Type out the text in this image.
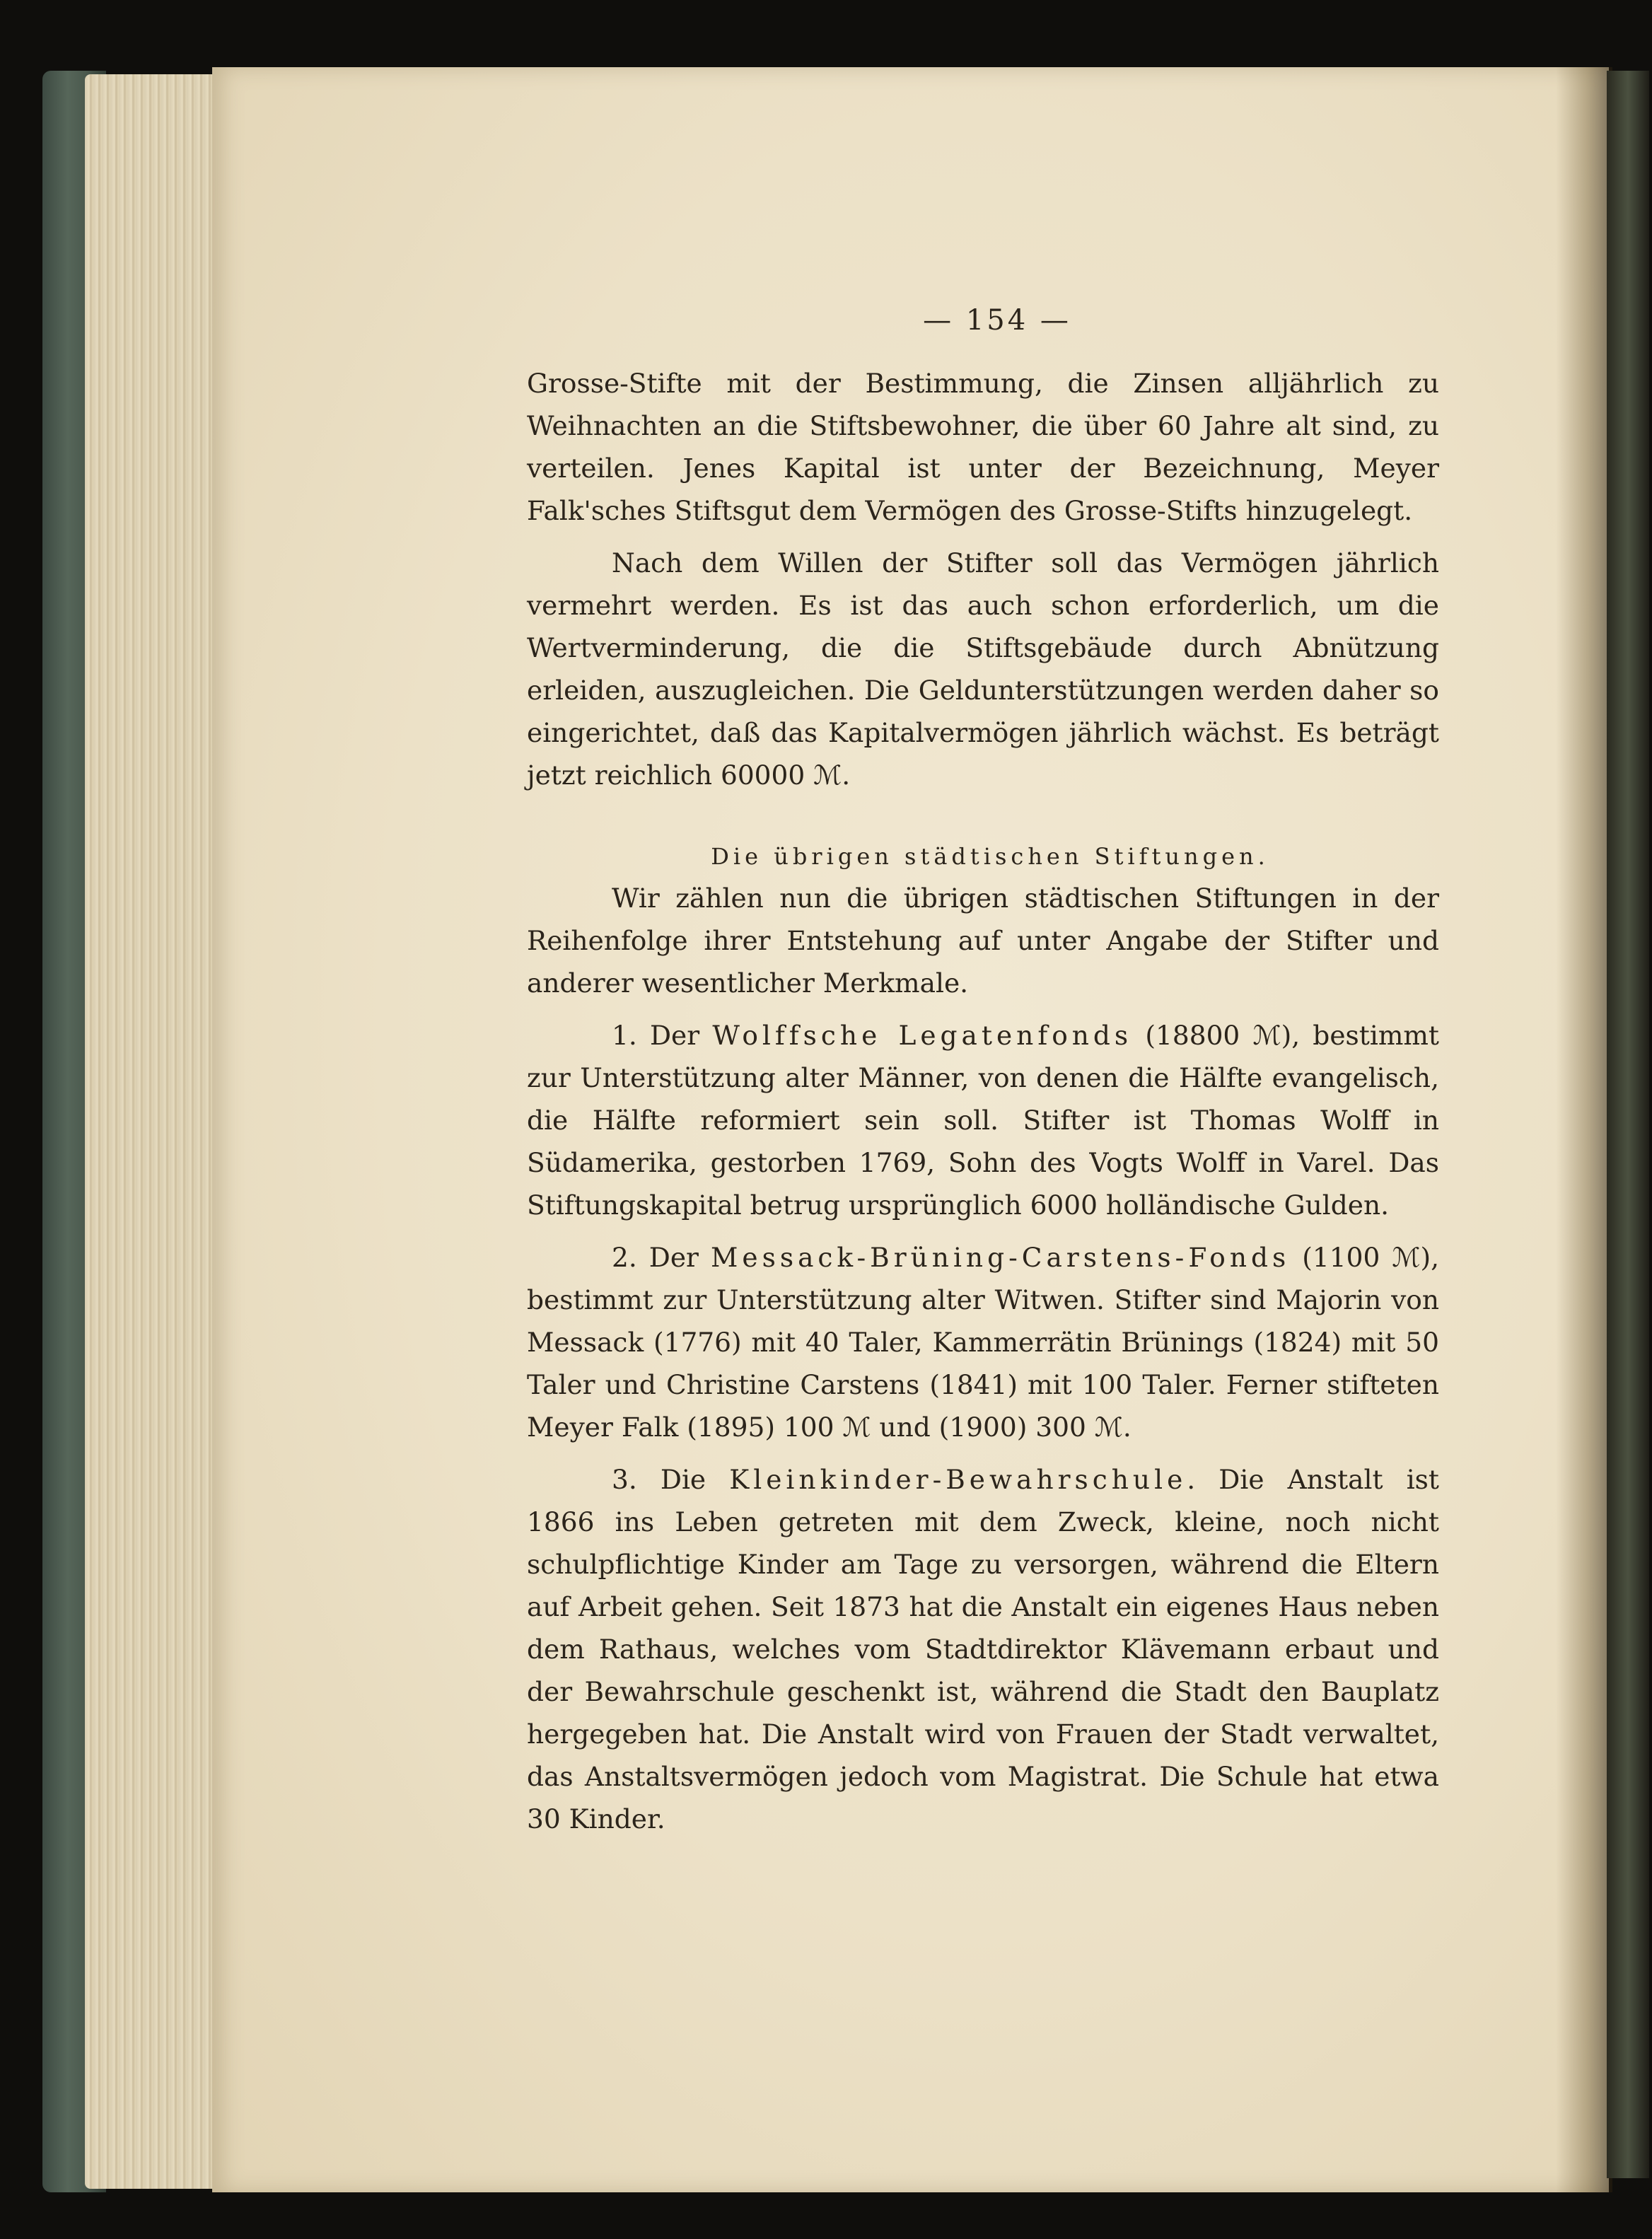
— 154 —

Grosse-Stifte mit der Bestimmung, die Zinsen alljährlich zu Weihnachten an die Stiftsbewohner, die über 60 Jahre alt sind, zu verteilen. Jenes Kapital ist unter der Bezeichnung, Meyer Falk'sches Stiftsgut dem Vermögen des Grosse-Stifts hinzugelegt.

Nach dem Willen der Stifter soll das Vermögen jährlich vermehrt werden. Es ist das auch schon erforderlich, um die Wertverminderung, die die Stiftsgebäude durch Abnützung erleiden, auszugleichen. Die Geldunterstützungen werden daher so eingerichtet, daß das Kapitalvermögen jährlich wächst. Es beträgt jetzt reichlich 60000 ℳ.

Die übrigen städtischen Stiftungen.

Wir zählen nun die übrigen städtischen Stiftungen in der Reihenfolge ihrer Entstehung auf unter Angabe der Stifter und anderer wesentlicher Merkmale.

1. Der Wolffsche Legatenfonds (18800 ℳ), bestimmt zur Unterstützung alter Männer, von denen die Hälfte evangelisch, die Hälfte reformiert sein soll. Stifter ist Thomas Wolff in Südamerika, gestorben 1769, Sohn des Vogts Wolff in Varel. Das Stiftungskapital betrug ursprünglich 6000 holländische Gulden.

2. Der Messack-Brüning-Carstens-Fonds (1100 ℳ), bestimmt zur Unterstützung alter Witwen. Stifter sind Majorin von Messack (1776) mit 40 Taler, Kammerrätin Brünings (1824) mit 50 Taler und Christine Carstens (1841) mit 100 Taler. Ferner stifteten Meyer Falk (1895) 100 ℳ und (1900) 300 ℳ.

3. Die Kleinkinder-Bewahrschule. Die Anstalt ist 1866 ins Leben getreten mit dem Zweck, kleine, noch nicht schulpflichtige Kinder am Tage zu versorgen, während die Eltern auf Arbeit gehen. Seit 1873 hat die Anstalt ein eigenes Haus neben dem Rathaus, welches vom Stadtdirektor Klävemann erbaut und der Bewahrschule geschenkt ist, während die Stadt den Bauplatz hergegeben hat. Die Anstalt wird von Frauen der Stadt verwaltet, das Anstaltsvermögen jedoch vom Magistrat. Die Schule hat etwa 30 Kinder.
